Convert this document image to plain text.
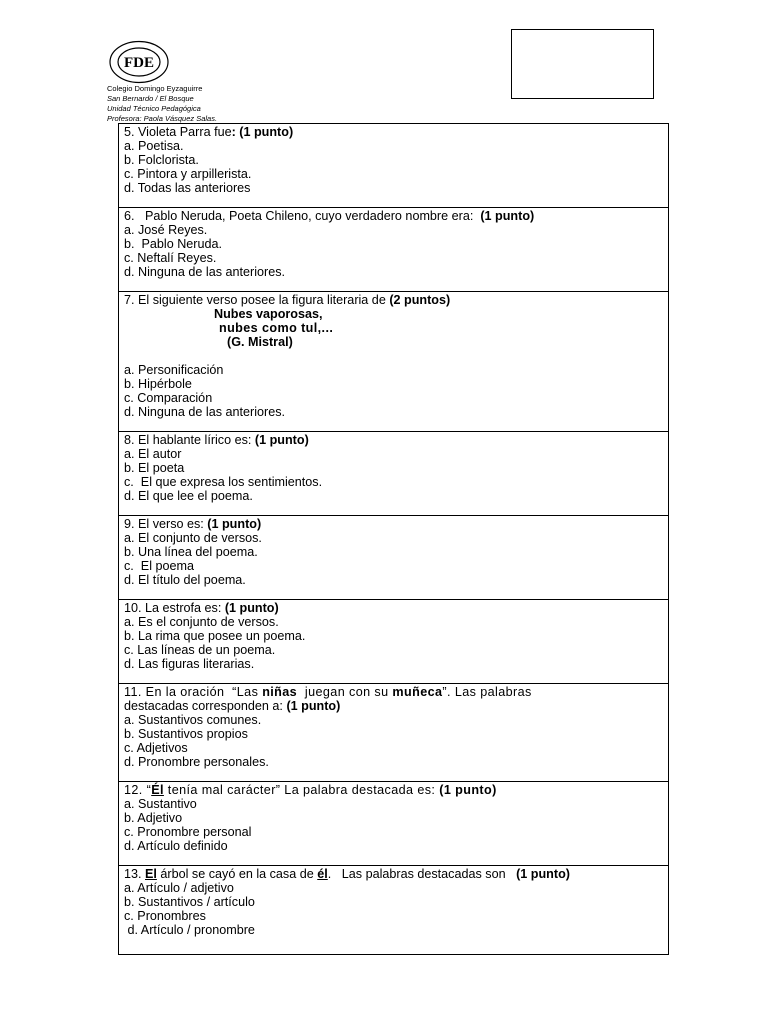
FDE
Colegio Domingo Eyzaguirre
San Bernardo / El Bosque
Unidad Técnico Pedagógica
Profesora: Paola Vásquez Salas.
5. Violeta Parra fue: (1 punto)
a. Poetisa.
b. Folclorista.
c. Pintora y arpillerista.
d. Todas las anteriores
6.   Pablo Neruda, Poeta Chileno, cuyo verdadero nombre era:  (1 punto)
a. José Reyes.
b.  Pablo Neruda.
c. Neftalí Reyes.
d. Ninguna de las anteriores.
7. El siguiente verso posee la figura literaria de (2 puntos)
Nubes vaporosas,
nubes como tul,...
(G. Mistral)
a. Personificación
b. Hipérbole
c. Comparación
d. Ninguna de las anteriores.
8. El hablante lírico es: (1 punto)
a. El autor
b. El poeta
c.  El que expresa los sentimientos.
d. El que lee el poema.
9. El verso es: (1 punto)
a. El conjunto de versos.
b. Una línea del poema.
c.  El poema
d. El título del poema.
10. La estrofa es: (1 punto)
a. Es el conjunto de versos.
b. La rima que posee un poema.
c. Las líneas de un poema.
d. Las figuras literarias.
11. En la oración  “Las niñas  juegan con su muñeca”. Las palabras
destacadas corresponden a: (1 punto)
a. Sustantivos comunes.
b. Sustantivos propios
c. Adjetivos
d. Pronombre personales.
12. “Él tenía mal carácter” La palabra destacada es: (1 punto)
a. Sustantivo
b. Adjetivo
c. Pronombre personal
d. Artículo definido
13. El árbol se cayó en la casa de él.   Las palabras destacadas son   (1 punto)
a. Artículo / adjetivo
b. Sustantivos / artículo
c. Pronombres
d. Artículo / pronombre
